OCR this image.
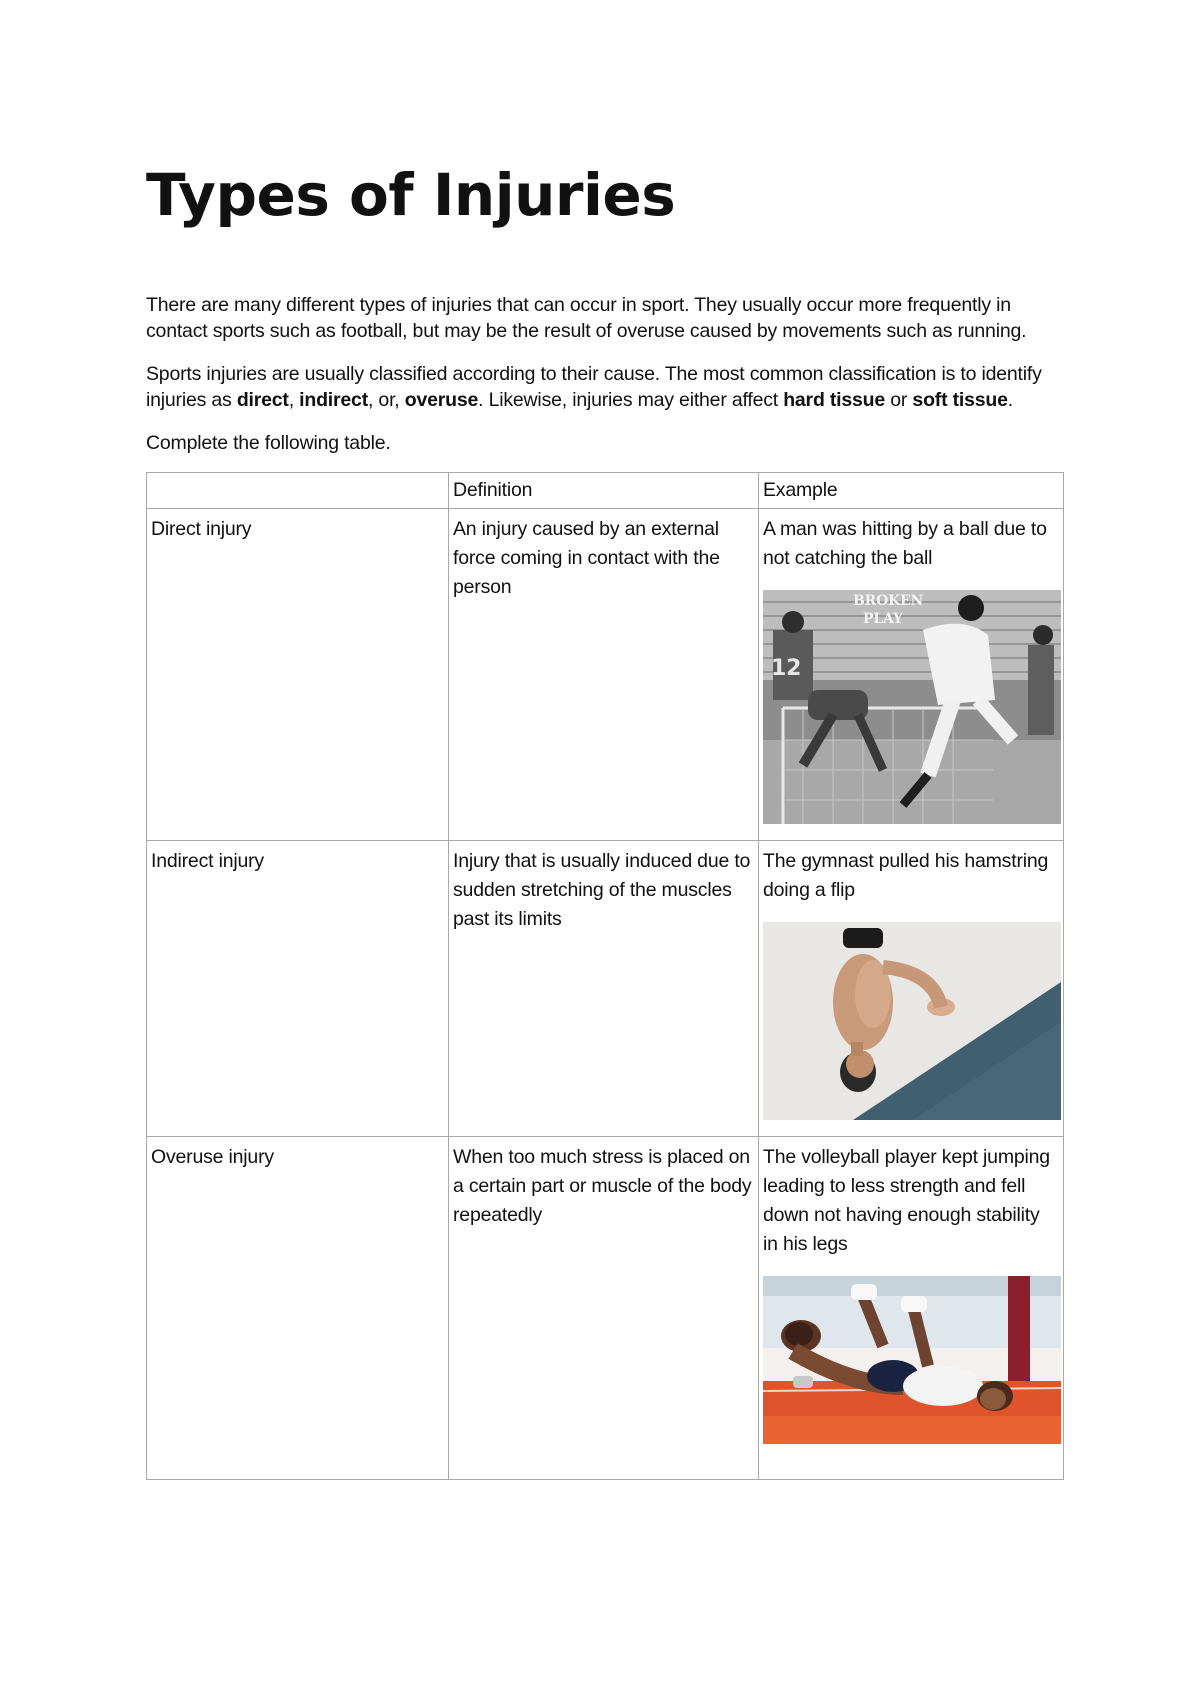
Types of Injuries

There are many different types of injuries that can occur in sport. They usually occur more frequently in contact sports such as football, but may be the result of overuse caused by movements such as running.

Sports injuries are usually classified according to their cause. The most common classification is to identify injuries as direct, indirect, or, overuse. Likewise, injuries may either affect hard tissue or soft tissue.

Complete the following table.

	Definition	Example
Direct injury	An injury caused by an external force coming in contact with the person	A man was hitting by a ball due to not catching the ball
BROKEN
PLAY
12

Indirect injury	Injury that is usually induced due to sudden stretching of the muscles past its limits	The gymnast pulled his hamstring doing a flip

Overuse injury	When too much stress is placed on a certain part or muscle of the body repeatedly	The volleyball player kept jumping leading to less strength and fell down not having enough stability in his legs
